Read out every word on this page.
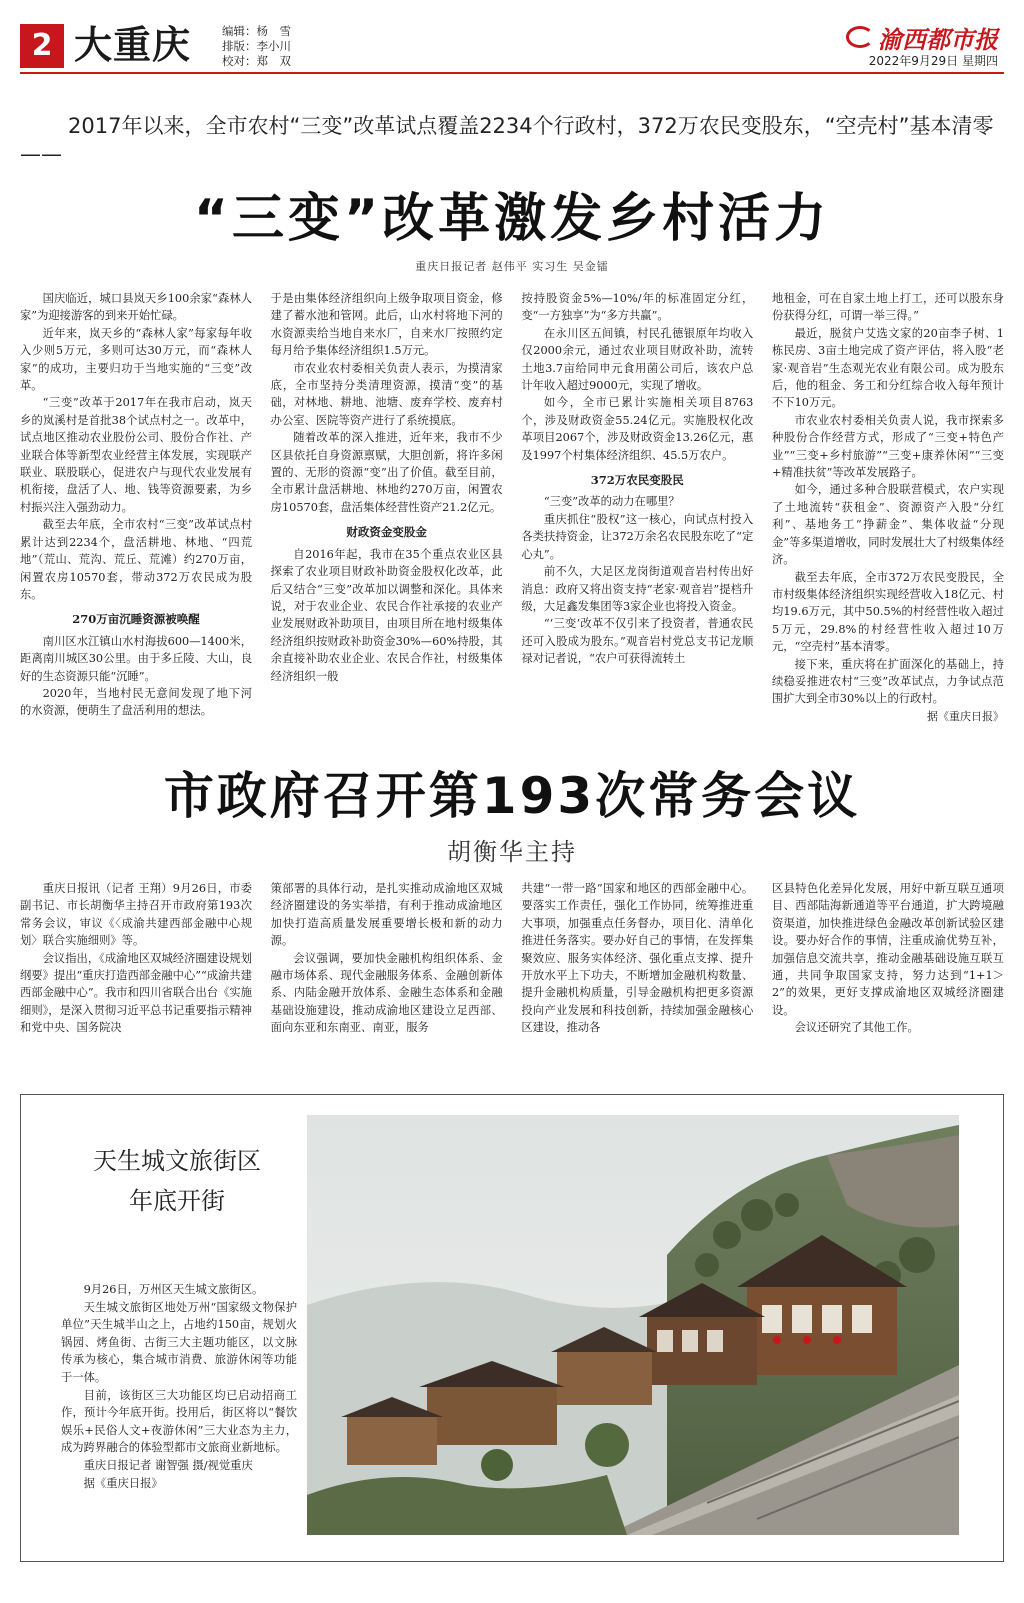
2 大重庆	编辑：杨　雪
排版：李小川
校对：郑　双
渝西都市报
2022年9月29日 星期四
2017年以来，全市农村“三变”改革试点覆盖2234个行政村，372万农民变股东，“空壳村”基本清零——
“三变”改革激发乡村活力
重庆日报记者 赵伟平 实习生 吴金镭

国庆临近，城口县岚天乡100余家“森林人家”为迎接游客的到来开始忙碌。

近年来，岚天乡的“森林人家”每家每年收入少则5万元，多则可达30万元，而“森林人家”的成功，主要归功于当地实施的“三变”改革。

“三变”改革于2017年在我市启动，岚天乡的岚溪村是首批38个试点村之一。改革中，试点地区推动农业股份公司、股份合作社、产业联合体等新型农业经营主体发展，实现联产联业、联股联心，促进农户与现代农业发展有机衔接，盘活了人、地、钱等资源要素，为乡村振兴注入强劲动力。

截至去年底，全市农村“三变”改革试点村累计达到2234个，盘活耕地、林地、“四荒地”（荒山、荒沟、荒丘、荒滩）约270万亩，闲置农房10570套，带动372万农民成为股东。

270万亩沉睡资源被唤醒

南川区水江镇山水村海拔600—1400米，距离南川城区30公里。由于多丘陵、大山，良好的生态资源只能“沉睡”。

2020年，当地村民无意间发现了地下河的水资源，便萌生了盘活利用的想法。

于是由集体经济组织向上级争取项目资金，修建了蓄水池和管网。此后，山水村将地下河的水资源卖给当地自来水厂，自来水厂按照约定每月给予集体经济组织1.5万元。

市农业农村委相关负责人表示，为摸清家底，全市坚持分类清理资源，摸清“变”的基础，对林地、耕地、池塘、废弃学校、废弃村办公室、医院等资产进行了系统摸底。

随着改革的深入推进，近年来，我市不少区县依托自身资源禀赋，大胆创新，将许多闲置的、无形的资源“变”出了价值。截至目前，全市累计盘活耕地、林地约270万亩，闲置农房10570套，盘活集体经营性资产21.2亿元。

财政资金变股金

自2016年起，我市在35个重点农业区县探索了农业项目财政补助资金股权化改革，此后又结合“三变”改革加以调整和深化。具体来说，对于农业企业、农民合作社承接的农业产业发展财政补助项目，由项目所在地村级集体经济组织按财政补助资金30%—60%持股，其余直接补助农业企业、农民合作社，村级集体经济组织一般

按持股资金5%—10%/年的标准固定分红，变“一方独享”为“多方共赢”。

在永川区五间镇，村民孔德银原年均收入仅2000余元，通过农业项目财政补助，流转土地3.7亩给同申元食用菌公司后，该农户总计年收入超过9000元，实现了增收。

如今，全市已累计实施相关项目8763个，涉及财政资金55.24亿元。实施股权化改革项目2067个，涉及财政资金13.26亿元，惠及1997个村集体经济组织、45.5万农户。

372万农民变股民

“三变”改革的动力在哪里？

重庆抓住“股权”这一核心，向试点村投入各类扶持资金，让372万余名农民股东吃了“定心丸”。

前不久，大足区龙岗街道观音岩村传出好消息：政府又将出资支持“老家·观音岩”提档升级，大足鑫发集团等3家企业也将投入资金。

“‘三变’改革不仅引来了投资者，普通农民还可入股成为股东。”观音岩村党总支书记龙顺禄对记者说，“农户可获得流转土

地租金，可在自家土地上打工，还可以股东身份获得分红，可谓一举三得。”

最近，脱贫户艾选文家的20亩李子树、1栋民房、3亩土地完成了资产评估，将入股“老家·观音岩”生态观光农业有限公司。成为股东后，他的租金、务工和分红综合收入每年预计不下10万元。

市农业农村委相关负责人说，我市探索多种股份合作经营方式，形成了“三变+特色产业”“三变+乡村旅游”“三变+康养休闲”“三变+精准扶贫”等改革发展路子。

如今，通过多种合股联营模式，农户实现了土地流转“获租金”、资源资产入股“分红利”、基地务工“挣薪金”、集体收益“分现金”等多渠道增收，同时发展壮大了村级集体经济。

截至去年底，全市372万农民变股民，全市村级集体经济组织实现经营收入18亿元、村均19.6万元，其中50.5%的村经营性收入超过5万元，29.8%的村经营性收入超过10万元，“空壳村”基本清零。

接下来，重庆将在扩面深化的基础上，持续稳妥推进农村“三变”改革试点，力争试点范围扩大到全市30%以上的行政村。

据《重庆日报》

市政府召开第193次常务会议
胡衡华主持

重庆日报讯（记者 王翔）9月26日，市委副书记、市长胡衡华主持召开市政府第193次常务会议，审议《〈成渝共建西部金融中心规划〉联合实施细则》等。

会议指出，《成渝地区双城经济圈建设规划纲要》提出“重庆打造西部金融中心”“成渝共建西部金融中心”。我市和四川省联合出台《实施细则》，是深入贯彻习近平总书记重要指示精神和党中央、国务院决

策部署的具体行动，是扎实推动成渝地区双城经济圈建设的务实举措，有利于推动成渝地区加快打造高质量发展重要增长极和新的动力源。

会议强调，要加快金融机构组织体系、金融市场体系、现代金融服务体系、金融创新体系、内陆金融开放体系、金融生态体系和金融基础设施建设，推动成渝地区建设立足西部、面向东亚和东南亚、南亚，服务

共建“一带一路”国家和地区的西部金融中心。要落实工作责任，强化工作协同，统筹推进重大事项，加强重点任务督办，项目化、清单化推进任务落实。要办好自己的事情，在发挥集聚效应、服务实体经济、强化重点支撑、提升开放水平上下功夫，不断增加金融机构数量、提升金融机构质量，引导金融机构把更多资源投向产业发展和科技创新，持续加强金融核心区建设，推动各

区县特色化差异化发展，用好中新互联互通项目、西部陆海新通道等平台通道，扩大跨境融资渠道，加快推进绿色金融改革创新试验区建设。要办好合作的事情，注重成渝优势互补，加强信息交流共享，推动金融基础设施互联互通，共同争取国家支持，努力达到“1+1＞2”的效果，更好支撑成渝地区双城经济圈建设。

会议还研究了其他工作。

天生城文旅街区
年底开街

9月26日，万州区天生城文旅街区。

天生城文旅街区地处万州“国家级文物保护单位”天生城半山之上，占地约150亩，规划火锅园、烤鱼街、古街三大主题功能区，以文脉传承为核心，集合城市消费、旅游休闲等功能于一体。

目前，该街区三大功能区均已启动招商工作，预计今年底开街。投用后，街区将以“餐饮娱乐+民俗人文+夜游休闲”三大业态为主力，成为跨界融合的体验型都市文旅商业新地标。

重庆日报记者 谢智强 摄/视觉重庆

据《重庆日报》
